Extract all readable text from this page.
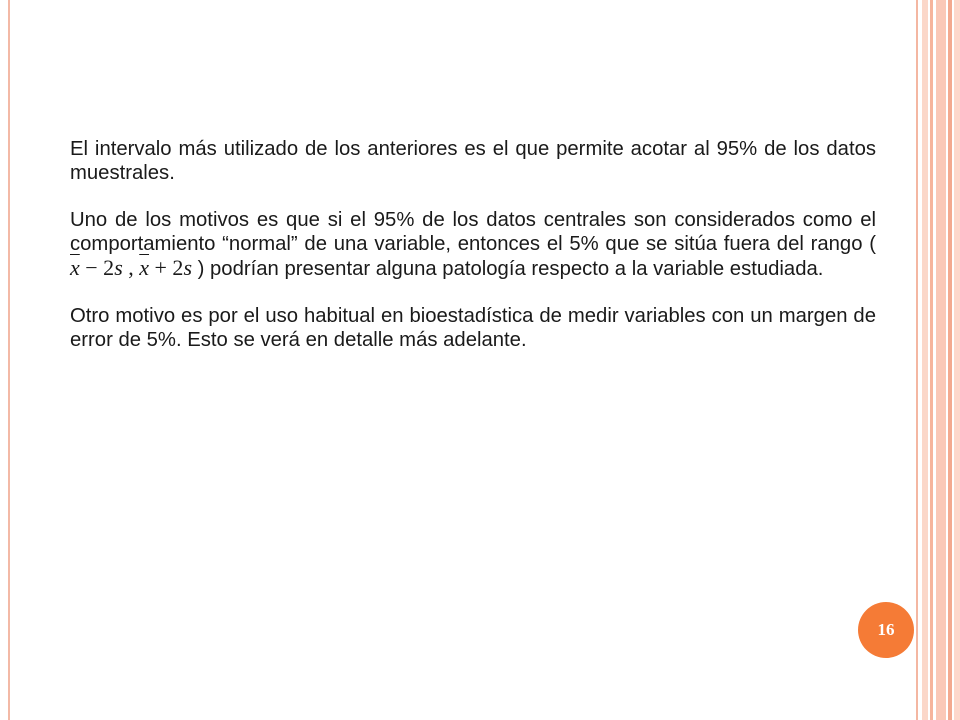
El intervalo más utilizado de los anteriores es el que permite acotar al 95% de los datos muestrales.

Uno de los motivos es que si el 95% de los datos centrales son considerados como el comportamiento “normal” de una variable, entonces el 5% que se sitúa fuera del rango ( $\overline{x} - 2s$ , $\overline{x} + 2s$ ) podrían presentar alguna patología respecto a la variable estudiada.

Otro motivo es por el uso habitual en bioestadística de medir variables con un margen de error de 5%. Esto se verá en detalle más adelante.

16
